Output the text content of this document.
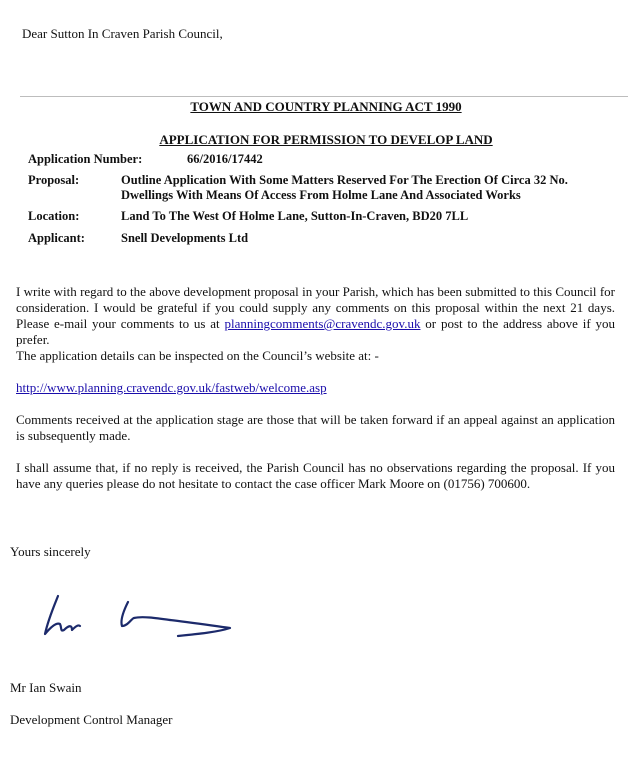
Dear Sutton In Craven Parish Council,
TOWN AND COUNTRY PLANNING ACT 1990
APPLICATION FOR PERMISSION TO DEVELOP LAND
Application Number:	66/2016/17442
Proposal:	Outline Application With Some Matters Reserved For The Erection Of Circa 32 No.
Dwellings With Means Of Access From Holme Lane And Associated Works
Location:	Land To The West Of Holme Lane, Sutton-In-Craven, BD20 7LL
Applicant:	Snell Developments Ltd
I write with regard to the above development proposal in your Parish, which has been submitted to this Council for consideration. I would be grateful if you could supply any comments on this proposal within the next 21 days. Please e-mail your comments to us at planningcomments@cravendc.gov.uk or post to the address above if you prefer.
The application details can be inspected on the Council’s website at: -
http://www.planning.cravendc.gov.uk/fastweb/welcome.asp
Comments received at the application stage are those that will be taken forward if an appeal against an application is subsequently made.
I shall assume that, if no reply is received, the Parish Council has no observations regarding the proposal. If you have any queries please do not hesitate to contact the case officer Mark Moore on (01756) 700600.
Yours sincerely
Mr Ian Swain
Development Control Manager
